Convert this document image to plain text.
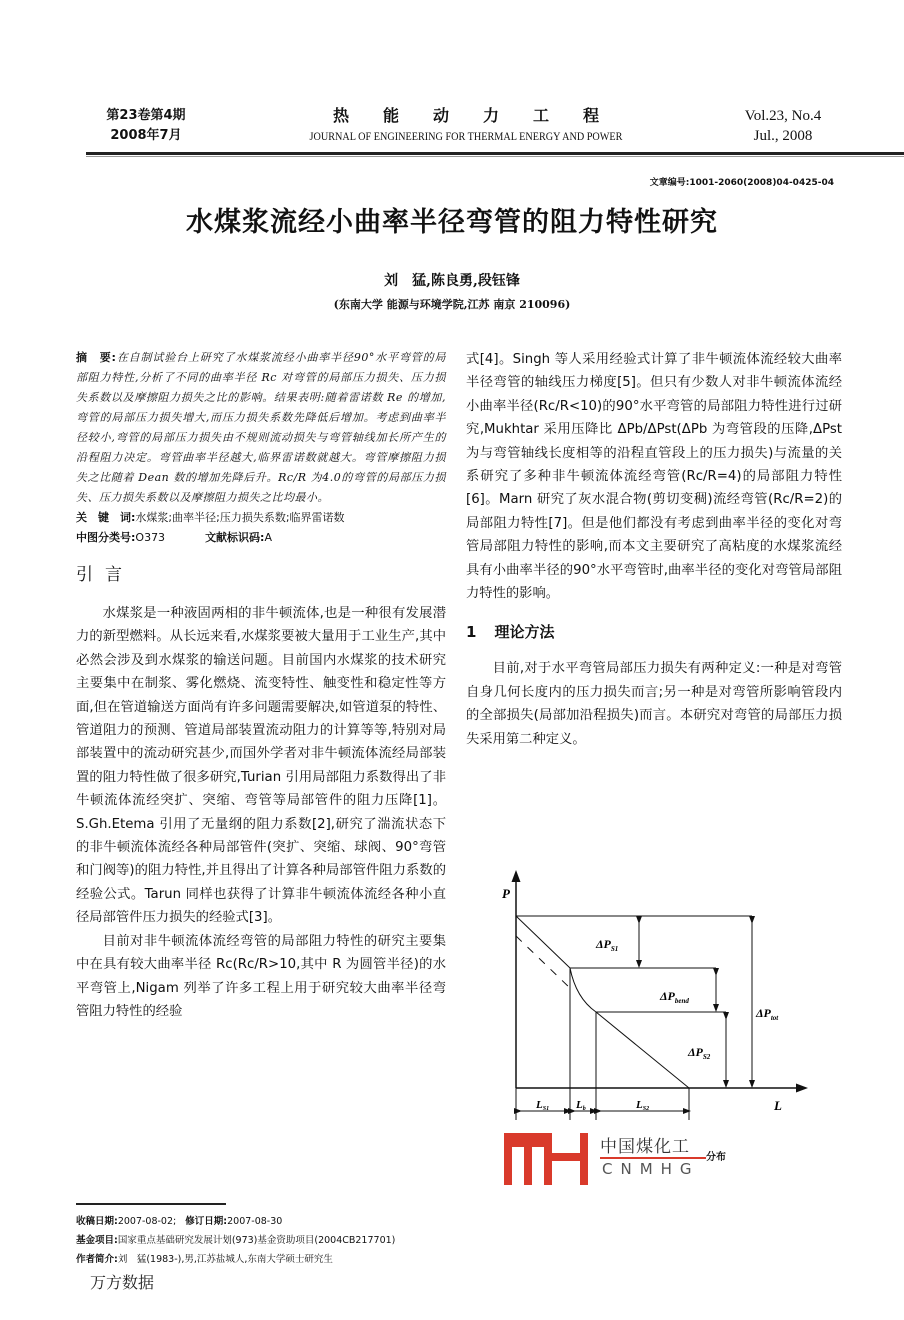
第23卷第4期
2008年7月
热能动力工程
JOURNAL OF ENGINEERING FOR THERMAL ENERGY AND POWER
Vol.23, No.4
Jul., 2008
文章编号:1001-2060(2008)04-0425-04
水煤浆流经小曲率半径弯管的阻力特性研究
刘　猛,陈良勇,段钰锋
(东南大学 能源与环境学院,江苏 南京 210096)
摘　要:在自制试验台上研究了水煤浆流经小曲率半径90°水平弯管的局部阻力特性,分析了不同的曲率半径 Rc 对弯管的局部压力损失、压力损失系数以及摩擦阻力损失之比的影响。结果表明:随着雷诺数 Re 的增加,弯管的局部压力损失增大,而压力损失系数先降低后增加。考虑到曲率半径较小,弯管的局部压力损失由不规则流动损失与弯管轴线加长所产生的沿程阻力决定。弯管曲率半径越大,临界雷诺数就越大。弯管摩擦阻力损失之比随着 Dean 数的增加先降后升。Rc/R 为4.0的弯管的局部压力损失、压力损失系数以及摩擦阻力损失之比均最小。
关　键　词:水煤浆;曲率半径;压力损失系数;临界雷诺数
中图分类号:O373	文献标识码:A
引言

水煤浆是一种液固两相的非牛顿流体,也是一种很有发展潜力的新型燃料。从长远来看,水煤浆要被大量用于工业生产,其中必然会涉及到水煤浆的输送问题。目前国内水煤浆的技术研究主要集中在制浆、雾化燃烧、流变特性、触变性和稳定性等方面,但在管道输送方面尚有许多问题需要解决,如管道泵的特性、管道阻力的预测、管道局部装置流动阻力的计算等等,特别对局部装置中的流动研究甚少,而国外学者对非牛顿流体流经局部装置的阻力特性做了很多研究,Turian 引用局部阻力系数得出了非牛顿流体流经突扩、突缩、弯管等局部管件的阻力压降[1]。S.Gh.Etema 引用了无量纲的阻力系数[2],研究了湍流状态下的非牛顿流体流经各种局部管件(突扩、突缩、球阀、90°弯管和门阀等)的阻力特性,并且得出了计算各种局部管件阻力系数的经验公式。Tarun 同样也获得了计算非牛顿流体流经各种小直径局部管件压力损失的经验式[3]。

目前对非牛顿流体流经弯管的局部阻力特性的研究主要集中在具有较大曲率半径 Rc(Rc/R>10,其中 R 为圆管半径)的水平弯管上,Nigam 列举了许多工程上用于研究较大曲率半径弯管阻力特性的经验

式[4]。Singh 等人采用经验式计算了非牛顿流体流经较大曲率半径弯管的轴线压力梯度[5]。但只有少数人对非牛顿流体流经小曲率半径(Rc/R<10)的90°水平弯管的局部阻力特性进行过研究,Mukhtar 采用压降比 ΔPb/ΔPst(ΔPb 为弯管段的压降,ΔPst为与弯管轴线长度相等的沿程直管段上的压力损失)与流量的关系研究了多种非牛顿流体流经弯管(Rc/R=4)的局部阻力特性[6]。Marn 研究了灰水混合物(剪切变稠)流经弯管(Rc/R=2)的局部阻力特性[7]。但是他们都没有考虑到曲率半径的变化对弯管局部阻力特性的影响,而本文主要研究了高粘度的水煤浆流经具有小曲率半径的90°水平弯管时,曲率半径的变化对弯管局部阻力特性的影响。

1 理论方法

目前,对于水平弯管局部压力损失有两种定义:一种是对弯管自身几何长度内的压力损失而言;另一种是对弯管所影响管段内的全部损失(局部加沿程损失)而言。本研究对弯管的局部压力损失采用第二种定义。

P
L
$\Delta P_{S1}$
$\Delta P_{bend}$
$\Delta P_{tot}$
$\Delta P_{S2}$
LS1 Lb	LS2
中国煤化工
CNMHG
分布
收稿日期:2007-08-02; 修订日期:2007-08-30
基金项目:国家重点基础研究发展计划(973)基金资助项目(2004CB217701)
作者简介:刘　猛(1983-),男,江苏盐城人,东南大学硕士研究生
万方数据
